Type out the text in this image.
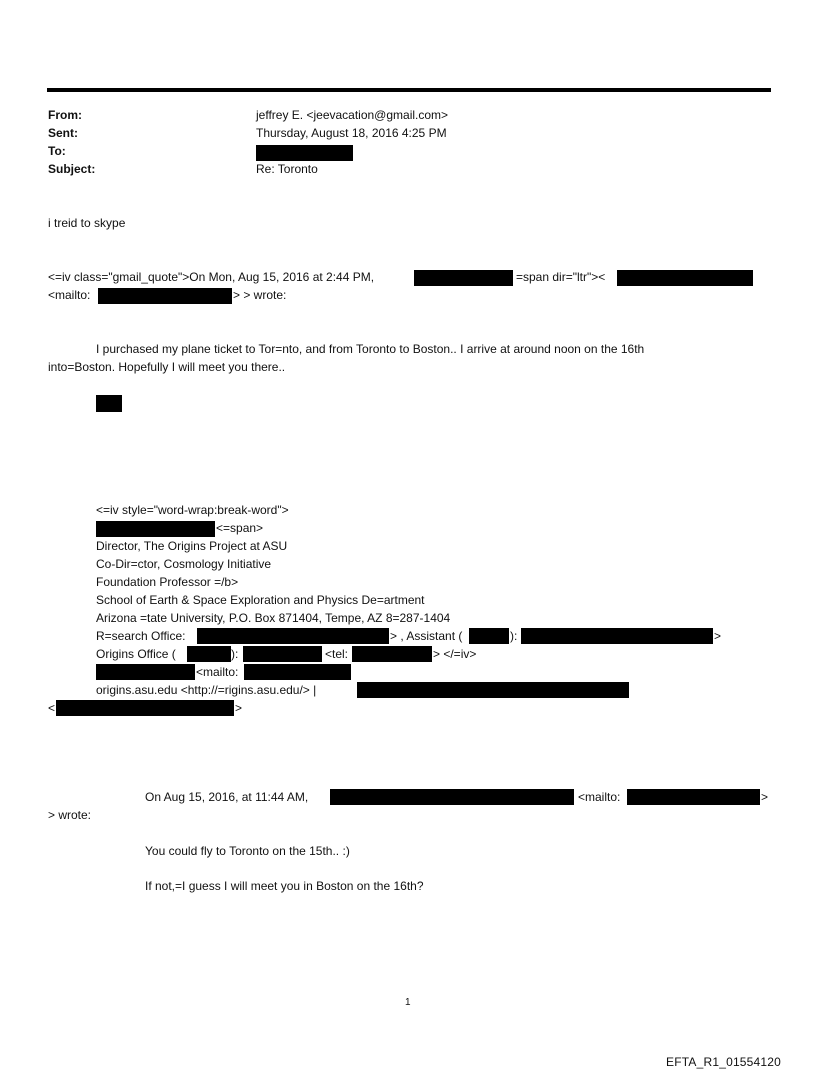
From:	jeffrey E. <jeevacation@gmail.com>
Sent:	Thursday, August 18, 2016 4:25 PM
To:
Subject:	Re: Toronto
i treid to skype
<=iv class="gmail_quote">On Mon, Aug 15, 2016 at 2:44 PM,	=span dir="ltr"><
<mailto:	> > wrote:
I purchased my plane ticket to Tor=nto, and from Toronto to Boston.. I arrive at around noon on the 16th
into=Boston. Hopefully I will meet you there..
<=iv style="word-wrap:break-word">
<=span>
Director, The Origins Project at ASU
Co-Dir=ctor, Cosmology Initiative
Foundation Professor =/b>
School of Earth & Space Exploration and Physics De=artment
Arizona =tate University, P.O. Box 871404, Tempe, AZ 8=287-1404
R=search Office:	> , Assistant (	):	>
Origins Office (	):	<tel:	> </=iv>
<mailto:
origins.asu.edu <http://=rigins.asu.edu/> |
<	>
On Aug 15, 2016, at 11:44 AM,	<mailto:	>
> wrote:
You could fly to Toronto on the 15th.. :)
If not,=I guess I will meet you in Boston on the 16th?
1
EFTA_R1_01554120
